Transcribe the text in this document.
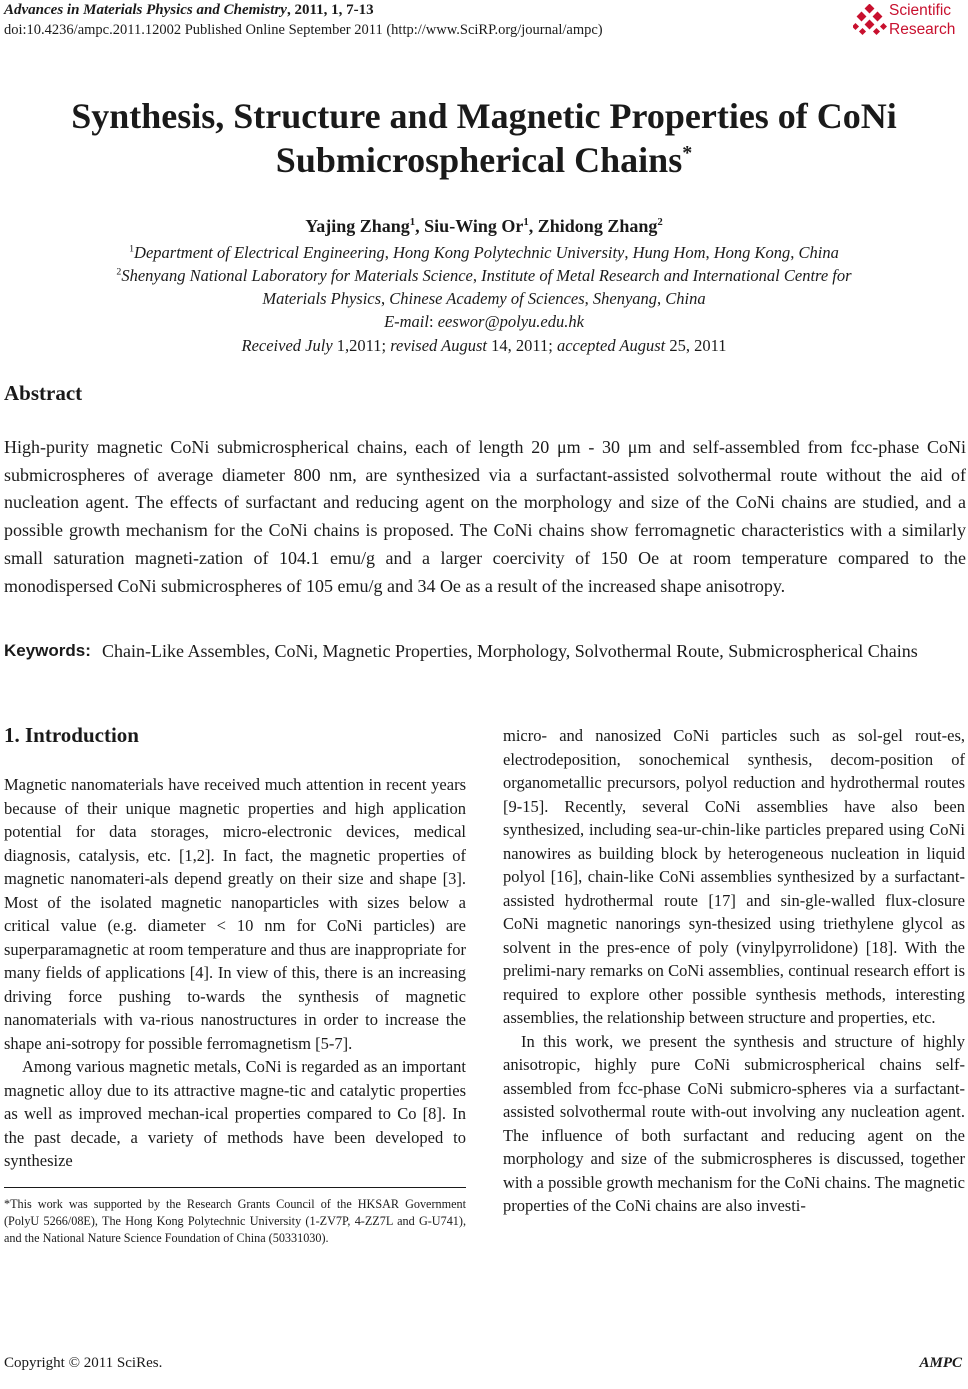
Advances in Materials Physics and Chemistry, 2011, 1, 7-13
doi:10.4236/ampc.2011.12002 Published Online September 2011 (http://www.SciRP.org/journal/ampc)
Scientific
Research
Synthesis, Structure and Magnetic Properties of CoNi
Submicrospherical Chains*
Yajing Zhang$^1$, Siu-Wing Or$^1$, Zhidong Zhang$^2$
$^1$Department of Electrical Engineering, Hong Kong Polytechnic University, Hung Hom, Hong Kong, China
$^2$Shenyang National Laboratory for Materials Science, Institute of Metal Research and International Centre for
Materials Physics, Chinese Academy of Sciences, Shenyang, China
E-mail: eeswor@polyu.edu.hk
Received July 1,2011; revised August 14, 2011; accepted August 25, 2011
Abstract
High-purity magnetic CoNi submicrospherical chains, each of length 20 μm - 30 μm and self-assembled from fcc-phase CoNi submicrospheres of average diameter 800 nm, are synthesized via a surfactant-assisted solvothermal route without the aid of nucleation agent. The effects of surfactant and reducing agent on the morphology and size of the CoNi chains are studied, and a possible growth mechanism for the CoNi chains is proposed. The CoNi chains show ferromagnetic characteristics with a similarly small saturation magneti-zation of 104.1 emu/g and a larger coercivity of 150 Oe at room temperature compared to the monodispersed CoNi submicrospheres of 105 emu/g and 34 Oe as a result of the increased shape anisotropy.
Keywords: Chain-Like Assembles, CoNi, Magnetic Properties, Morphology, Solvothermal Route, Submicrospherical Chains
1. Introduction

Magnetic nanomaterials have received much attention in recent years because of their unique magnetic properties and high application potential for data storages, micro-electronic devices, medical diagnosis, catalysis, etc. [1,2]. In fact, the magnetic properties of magnetic nanomateri-als depend greatly on their size and shape [3]. Most of the isolated magnetic nanoparticles with sizes below a critical value (e.g. diameter < 10 nm for CoNi particles) are superparamagnetic at room temperature and thus are inappropriate for many fields of applications [4]. In view of this, there is an increasing driving force pushing to-wards the synthesis of magnetic nanomaterials with va-rious nanostructures in order to increase the shape ani-sotropy for possible ferromagnetism [5-7].

Among various magnetic metals, CoNi is regarded as an important magnetic alloy due to its attractive magne-tic and catalytic properties as well as improved mechan-ical properties compared to Co [8]. In the past decade, a variety of methods have been developed to synthesize

micro- and nanosized CoNi particles such as sol-gel rout-es, electrodeposition, sonochemical synthesis, decom-position of organometallic precursors, polyol reduction and hydrothermal routes [9-15]. Recently, several CoNi assemblies have also been synthesized, including sea-ur-chin-like particles prepared using CoNi nanowires as building block by heterogeneous nucleation in liquid polyol [16], chain-like CoNi assemblies synthesized by a surfactant-assisted hydrothermal route [17] and sin-gle-walled flux-closure CoNi magnetic nanorings syn-thesized using triethylene glycol as solvent in the pres-ence of poly (vinylpyrrolidone) [18]. With the prelimi-nary remarks on CoNi assemblies, continual research effort is required to explore other possible synthesis methods, interesting assemblies, the relationship between structure and properties, etc.

In this work, we present the synthesis and structure of highly anisotropic, highly pure CoNi submicrospherical chains self-assembled from fcc-phase CoNi submicro-spheres via a surfactant-assisted solvothermal route with-out involving any nucleation agent. The influence of both surfactant and reducing agent on the morphology and size of the submicrospheres is discussed, together with a possible growth mechanism for the CoNi chains. The magnetic properties of the CoNi chains are also investi-

*This work was supported by the Research Grants Council of the HKSAR Government (PolyU 5266/08E), The Hong Kong Polytechnic University (1-ZV7P, 4-ZZ7L and G-U741), and the National Nature Science Foundation of China (50331030).
Copyright © 2011 SciRes.	AMPC
